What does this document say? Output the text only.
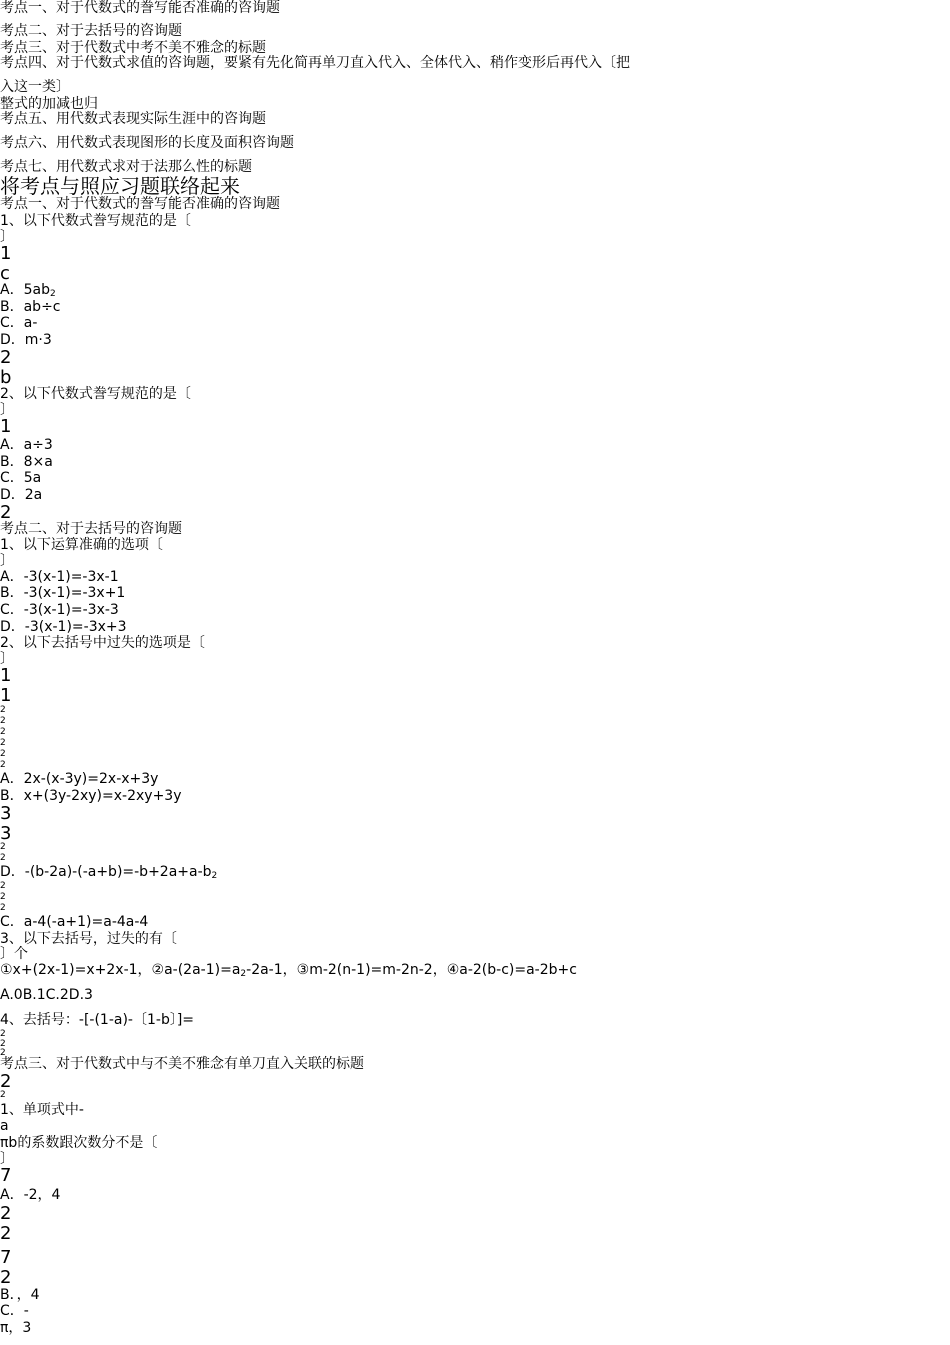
考点一、对于代数式的誊写能否准确的咨询题
考点二、对于去括号的咨询题
考点三、对于代数式中考不美不雅念的标题
考点四、对于代数式求值的咨询题，要紧有先化简再单刀直入代入、全体代入、稍作变形后再代入〔把
入这一类〕
整式的加减也归
考点五、用代数式表现实际生涯中的咨询题
考点六、用代数式表现图形的长度及面积咨询题
考点七、用代数式求对于法那么性的标题
将考点与照应习题联络起来
考点一、对于代数式的誊写能否准确的咨询题
1、以下代数式誊写规范的是〔
〕
1
c
A．$5ab_2$
B．ab÷c
C．a-
D．m·3
2
b
2、以下代数式誊写规范的是〔
〕
1
A．a÷3
B．8×a
C．5a
D．2a
2
考点二、对于去括号的咨询题
1、以下运算准确的选项〔
〕
A．-3(x-1)=-3x-1
B．-3(x-1)=-3x+1
C．-3(x-1)=-3x-3
D．-3(x-1)=-3x+3
2、以下去括号中过失的选项是〔
〕
1
1
2
2
2
2
2
2
A．2x-(x-3y)=2x-x+3y
B．x+(3y-2xy)=x-2xy+3y
3
3
2
2
D．$-(b-2a)-(-a+b)=-b+2a+a-b_2$
2
2
2
C．a-4(-a+1)=a-4a-4
3、以下去括号，过失的有〔
〕个
①x+(2x-1)=x+2x-1，$②a-(2a-1)=a_2-2a-1$，③m-2(n-1)=m-2n-2，④a-2(b-c)=a-2b+c
A.0B.1C.2D.3
4、去括号：-[-(1-a)-〔1-b〕]=
2
2
2
考点三、对于代数式中与不美不雅念有单刀直入关联的标题
2
2
1、单项式中-
a
πb的系数跟次数分不是〔
〕
7
A．-2，4
2
2
7
2
B．，4
C．-
π，3
